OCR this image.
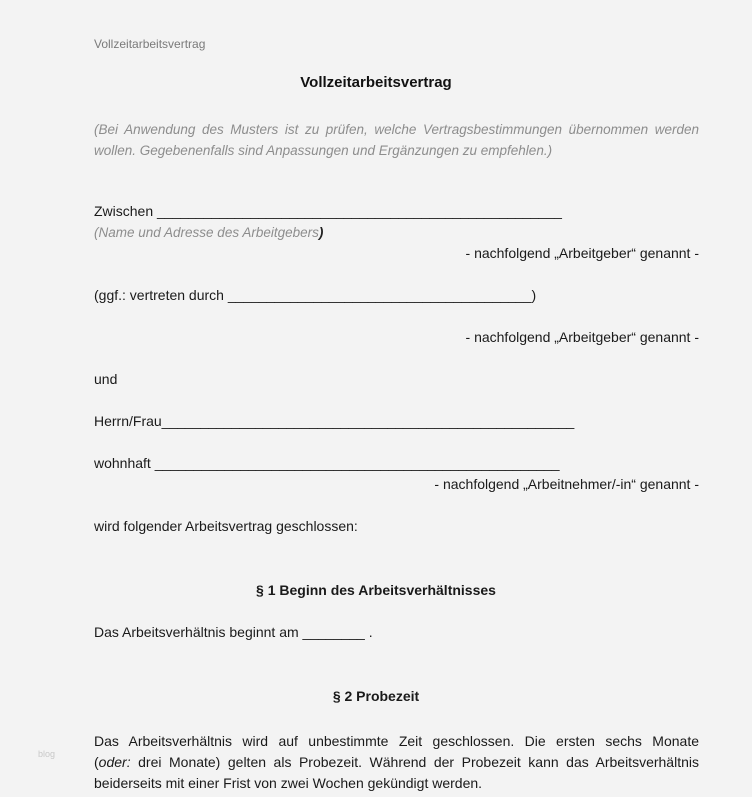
Vollzeitarbeitsvertrag
Vollzeitarbeitsvertrag
(Bei Anwendung des Musters ist zu prüfen, welche Vertragsbestimmungen übernommen werden
wollen. Gegebenenfalls sind Anpassungen und Ergänzungen zu empfehlen.)
Zwischen ____________________________________________________
(Name und Adresse des Arbeitgebers)
- nachfolgend „Arbeitgeber“ genannt -
(ggf.: vertreten durch _______________________________________)
- nachfolgend „Arbeitgeber“ genannt -
und
Herrn/Frau_____________________________________________________
wohnhaft ____________________________________________________
- nachfolgend „Arbeitnehmer/-in“ genannt -
wird folgender Arbeitsvertrag geschlossen:
§ 1 Beginn des Arbeitsverhältnisses
Das Arbeitsverhältnis beginnt am ________ .
§ 2 Probezeit
Das Arbeitsverhältnis wird auf unbestimmte Zeit geschlossen. Die ersten sechs Monate
(oder: drei Monate) gelten als Probezeit. Während der Probezeit kann das Arbeitsverhältnis
beiderseits mit einer Frist von zwei Wochen gekündigt werden.
blog
